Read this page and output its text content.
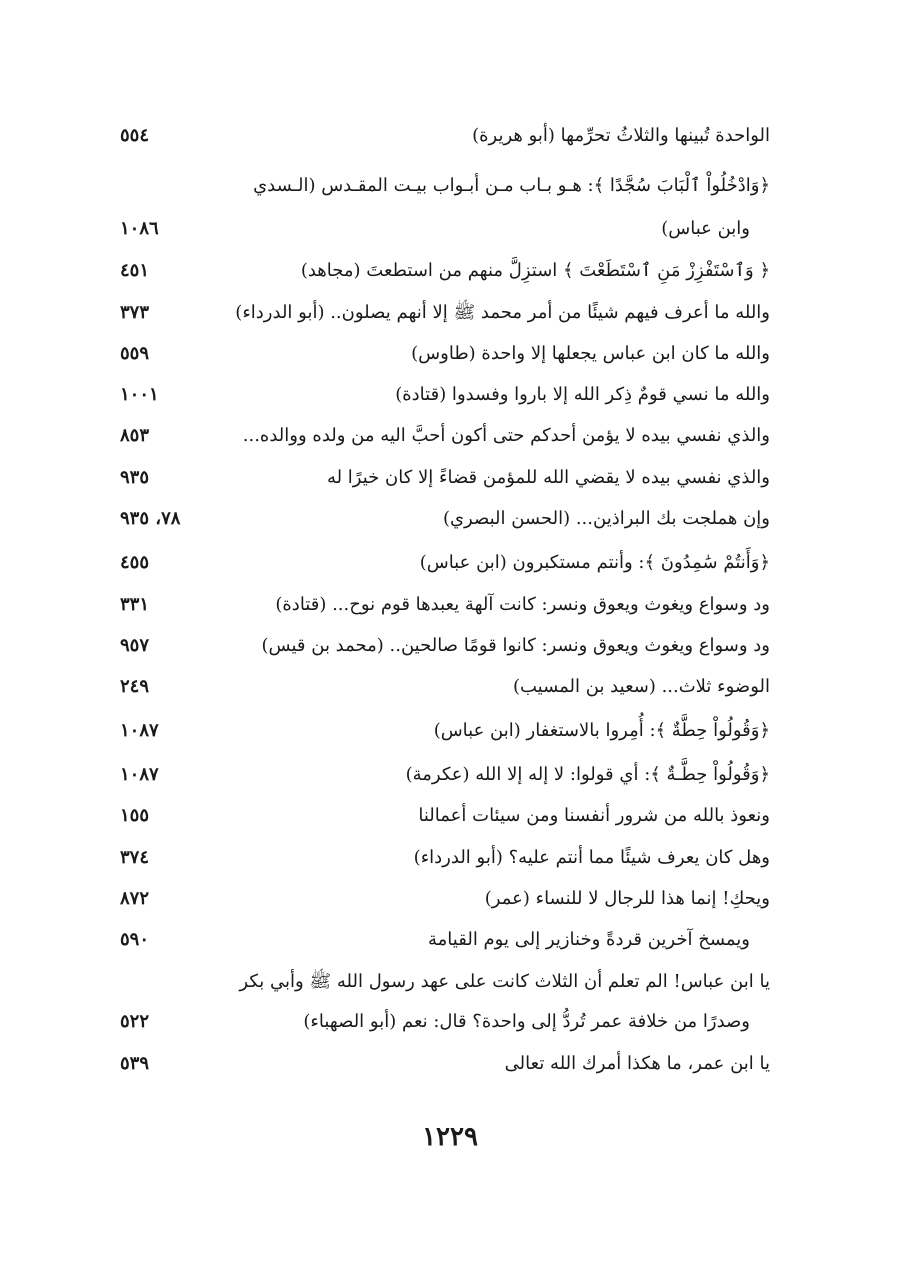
الواحدة تُبينها والثلاثُ تحرِّمها (أبو هريرة)
٥٥٤
﴿وَادْخُلُواْ ٱلْبَابَ سُجَّدًا ﴾: هـو بـاب مـن أبـواب بيـت المقـدس (الـسدي
وابن عباس)
١٠٨٦
﴿ وَٱسْتَفْزِزْ مَنِ ٱسْتَطَعْتَ ﴾ استزِلَّ منهم من استطعتَ (مجاهد)
٤٥١
والله ما أعرف فيهم شيئًا من أمر محمد ﷺ إلا أنهم يصلون.. (أبو الدرداء)
٣٧٣
والله ما كان ابن عباس يجعلها إلا واحدة (طاوس)
٥٥٩
والله ما نسي قومٌ ذِكر الله إلا باروا وفسدوا (قتادة)
١٠٠١
والذي نفسي بيده لا يؤمن أحدكم حتى أكون أحبَّ اليه من ولده ووالده...
٨٥٣
والذي نفسي بيده لا يقضي الله للمؤمن قضاءً إلا كان خيرًا له
٩٣٥
وإن هملجت بك البراذين... (الحسن البصري)
٧٨، ٩٣٥
﴿وَأَنتُمْ سَٰمِدُونَ ﴾: وأنتم مستكبرون (ابن عباس)
٤٥٥
ود وسواع ويغوث ويعوق ونسر: كانت آلهة يعبدها قوم نوح... (قتادة)
٣٣١
ود وسواع ويغوث ويعوق ونسر: كانوا قومًا صالحين.. (محمد بن قيس)
٩٥٧
الوضوء ثلاث... (سعيد بن المسيب)
٢٤٩
﴿وَقُولُواْ حِطَّةٌ ﴾: أُمِروا بالاستغفار (ابن عباس)
١٠٨٧
﴿وَقُولُواْ حِطَّـةٌ ﴾: أي قولوا: لا إله إلا الله (عكرمة)
١٠٨٧
ونعوذ بالله من شرور أنفسنا ومن سيئات أعمالنا
١٥٥
وهل كان يعرف شيئًا مما أنتم عليه؟ (أبو الدرداء)
٣٧٤
ويحكِ! إنما هذا للرجال لا للنساء (عمر)
٨٧٢
ويمسخ آخرين قردةً وخنازير إلى يوم القيامة
٥٩٠
يا ابن عباس! الم تعلم أن الثلاث كانت على عهد رسول الله ﷺ وأبي بكر
وصدرًا من خلافة عمر تُردُّ إلى واحدة؟ قال: نعم (أبو الصهباء)
٥٢٢
يا ابن عمر، ما هكذا أمرك الله تعالى
٥٣٩
١٢٢٩
